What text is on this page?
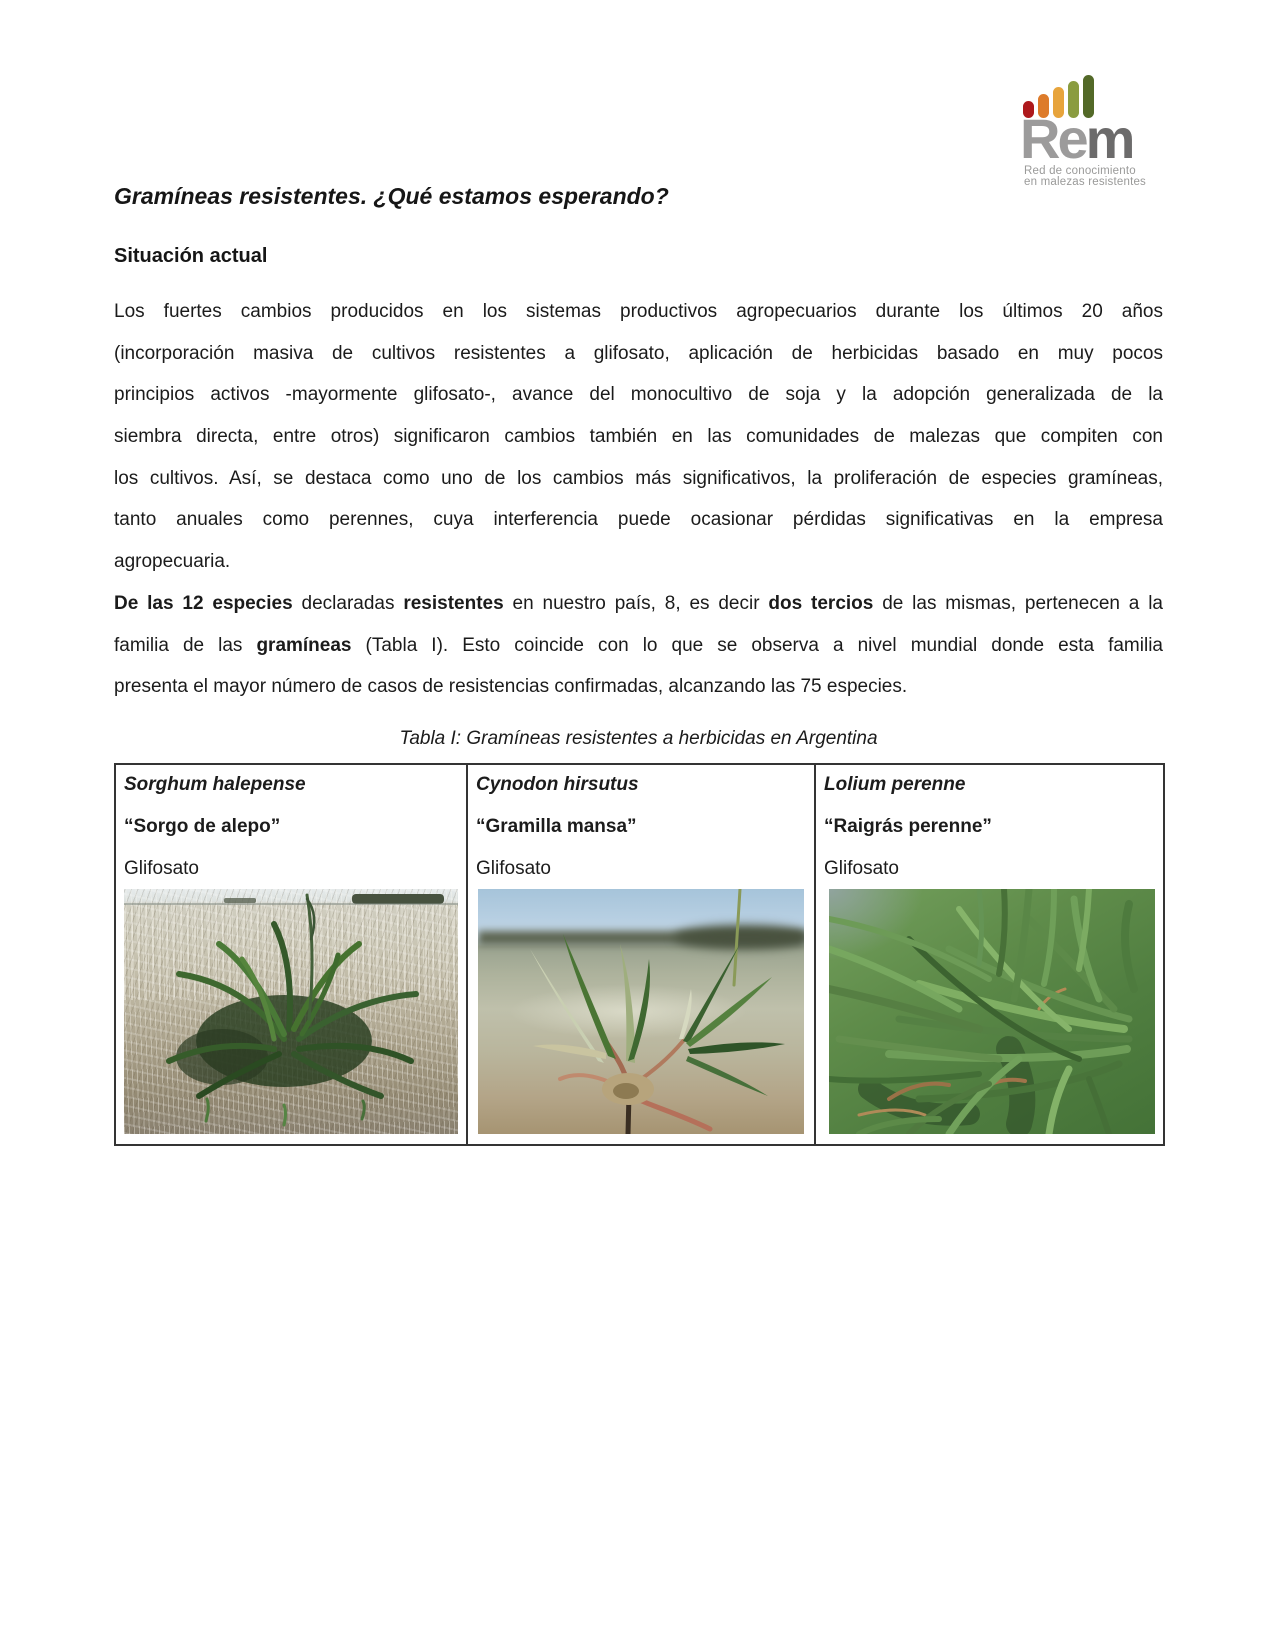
Rem
Red de conocimiento
en malezas resistentes
Gramíneas resistentes. ¿Qué estamos esperando?
Situación actual
Los fuertes cambios producidos en los sistemas productivos agropecuarios durante los últimos 20 años
(incorporación masiva de cultivos resistentes a glifosato, aplicación de herbicidas basado en muy pocos
principios activos -mayormente glifosato-, avance del monocultivo de soja y la adopción generalizada de la
siembra directa, entre otros) significaron cambios también en las comunidades de malezas que compiten con
los cultivos. Así, se destaca como uno de los cambios más significativos, la proliferación de especies gramíneas,
tanto anuales como perennes, cuya interferencia puede ocasionar pérdidas significativas en la empresa
agropecuaria.
De las 12 especies declaradas resistentes en nuestro país, 8, es decir dos tercios de las mismas, pertenecen a la
familia de las gramíneas (Tabla I). Esto coincide con lo que se observa a nivel mundial donde esta familia
presenta el mayor número de casos de resistencias confirmadas, alcanzando las 75 especies.
Tabla I: Gramíneas resistentes a herbicidas en Argentina
Sorghum halepense
“Sorgo de alepo”
Glifosato
Cynodon hirsutus
“Gramilla mansa”
Glifosato
Lolium perenne
“Raigrás perenne”
Glifosato
